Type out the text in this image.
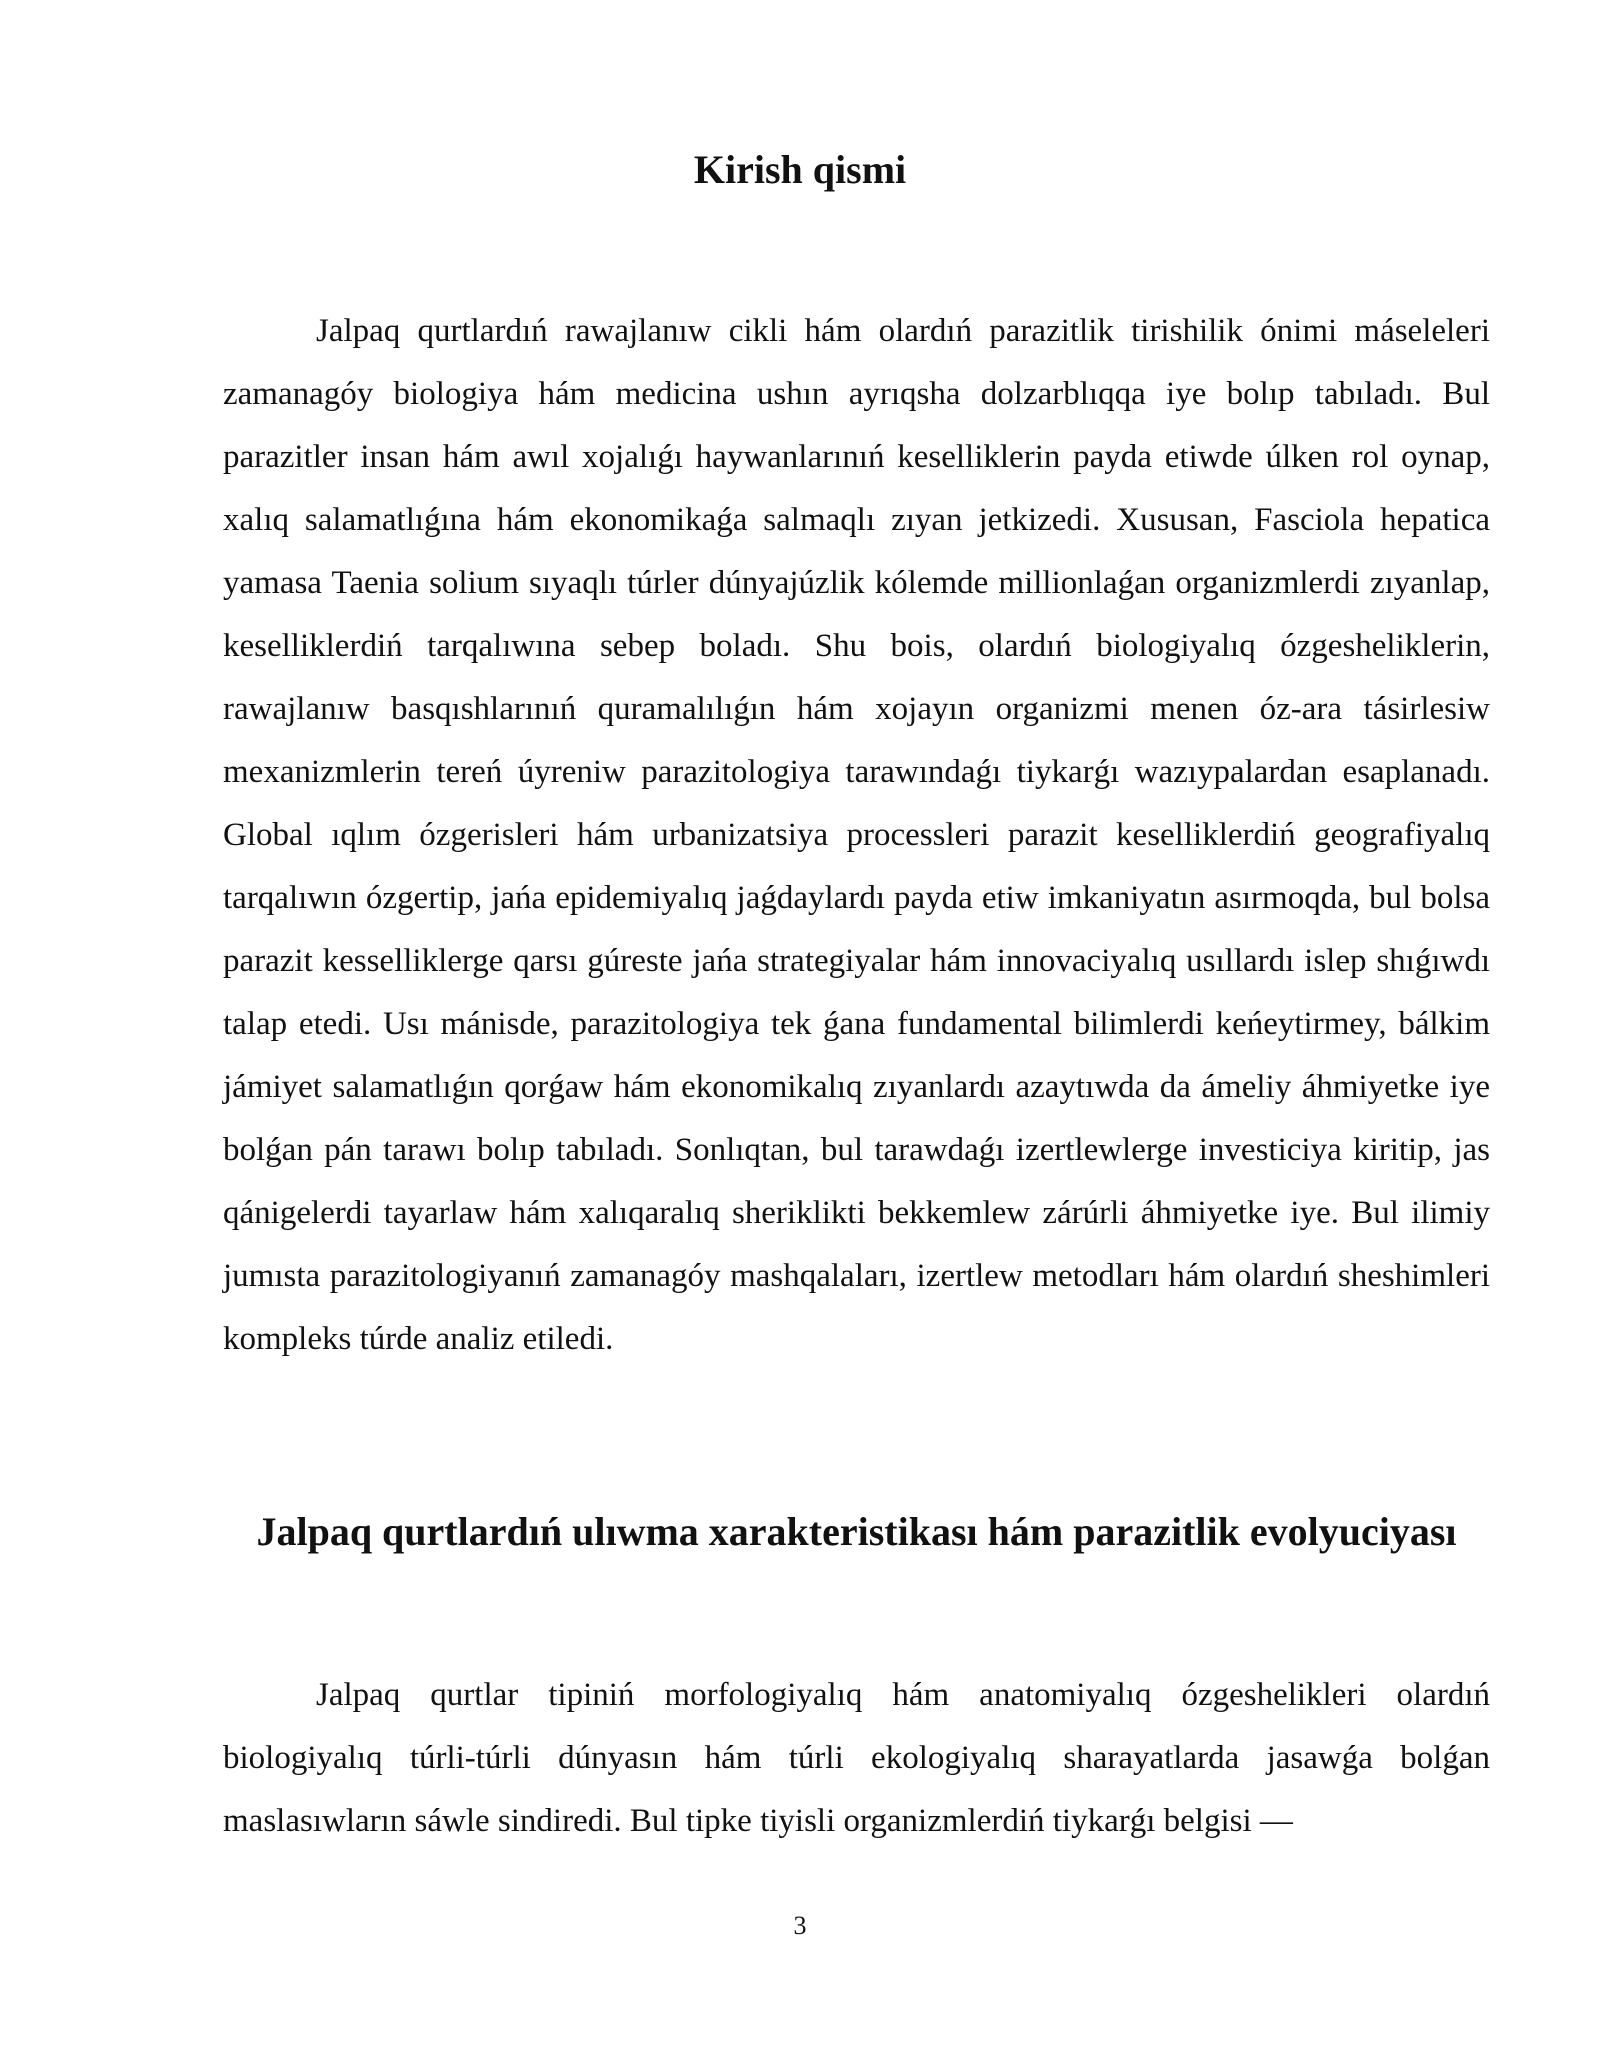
Kirish qismi

Jalpaq qurtlardıń rawajlanıw cikli hám olardıń parazitlik tirishilik ónimi máseleleri zamanagóy biologiya hám medicina ushın ayrıqsha dolzarblıqqa iye bolıp tabıladı. Bul parazitler insan hám awıl xojalıǵı haywanlarınıń keselliklerin payda etiwde úlken rol oynap, xalıq salamatlıǵına hám ekonomikaǵa salmaqlı zıyan jetkizedi. Xususan, Fasciola hepatica yamasa Taenia solium sıyaqlı túrler dúnyajúzlik kólemde millionlaǵan organizmlerdi zıyanlap, keselliklerdiń tarqalıwına sebep boladı. Shu bois, olardıń biologiyalıq ózgesheliklerin, rawajlanıw basqıshlarınıń quramalılıǵın hám xojayın organizmi menen óz-ara tásirlesiw mexanizmlerin tereń úyreniw parazitologiya tarawındaǵı tiykarǵı wazıypalardan esaplanadı. Global ıqlım ózgerisleri hám urbanizatsiya processleri parazit keselliklerdiń geografiyalıq tarqalıwın ózgertip, jańa epidemiyalıq jaǵdaylardı payda etiw imkaniyatın asırmoqda, bul bolsa parazit kesselliklerge qarsı gúreste jańa strategiyalar hám innovaciyalıq usıllardı islep shıǵıwdı talap etedi. Usı mánisde, parazitologiya tek ǵana fundamental bilimlerdi keńeytirmey, bálkim jámiyet salamatlıǵın qorǵaw hám ekonomikalıq zıyanlardı azaytıwda da ámeliy áhmiyetke iye bolǵan pán tarawı bolıp tabıladı. Sonlıqtan, bul tarawdaǵı izertlewlerge investiciya kiritip, jas qánigelerdi tayarlaw hám xalıqaralıq sheriklikti bekkemlew zárúrli áhmiyetke iye. Bul ilimiy jumısta parazitologiyanıń zamanagóy mashqalaları, izertlew metodları hám olardıń sheshimleri kompleks túrde analiz etiledi.

Jalpaq qurtlardıń ulıwma xarakteristikası hám parazitlik evolyuciyası

Jalpaq qurtlar tipiniń morfologiyalıq hám anatomiyalıq ózgeshelikleri olardıń biologiyalıq túrli-túrli dúnyasın hám túrli ekologiyalıq sharayatlarda jasawǵa bolǵan maslasıwların sáwle sindiredi. Bul tipke tiyisli organizmlerdiń tiykarǵı belgisi —

3
